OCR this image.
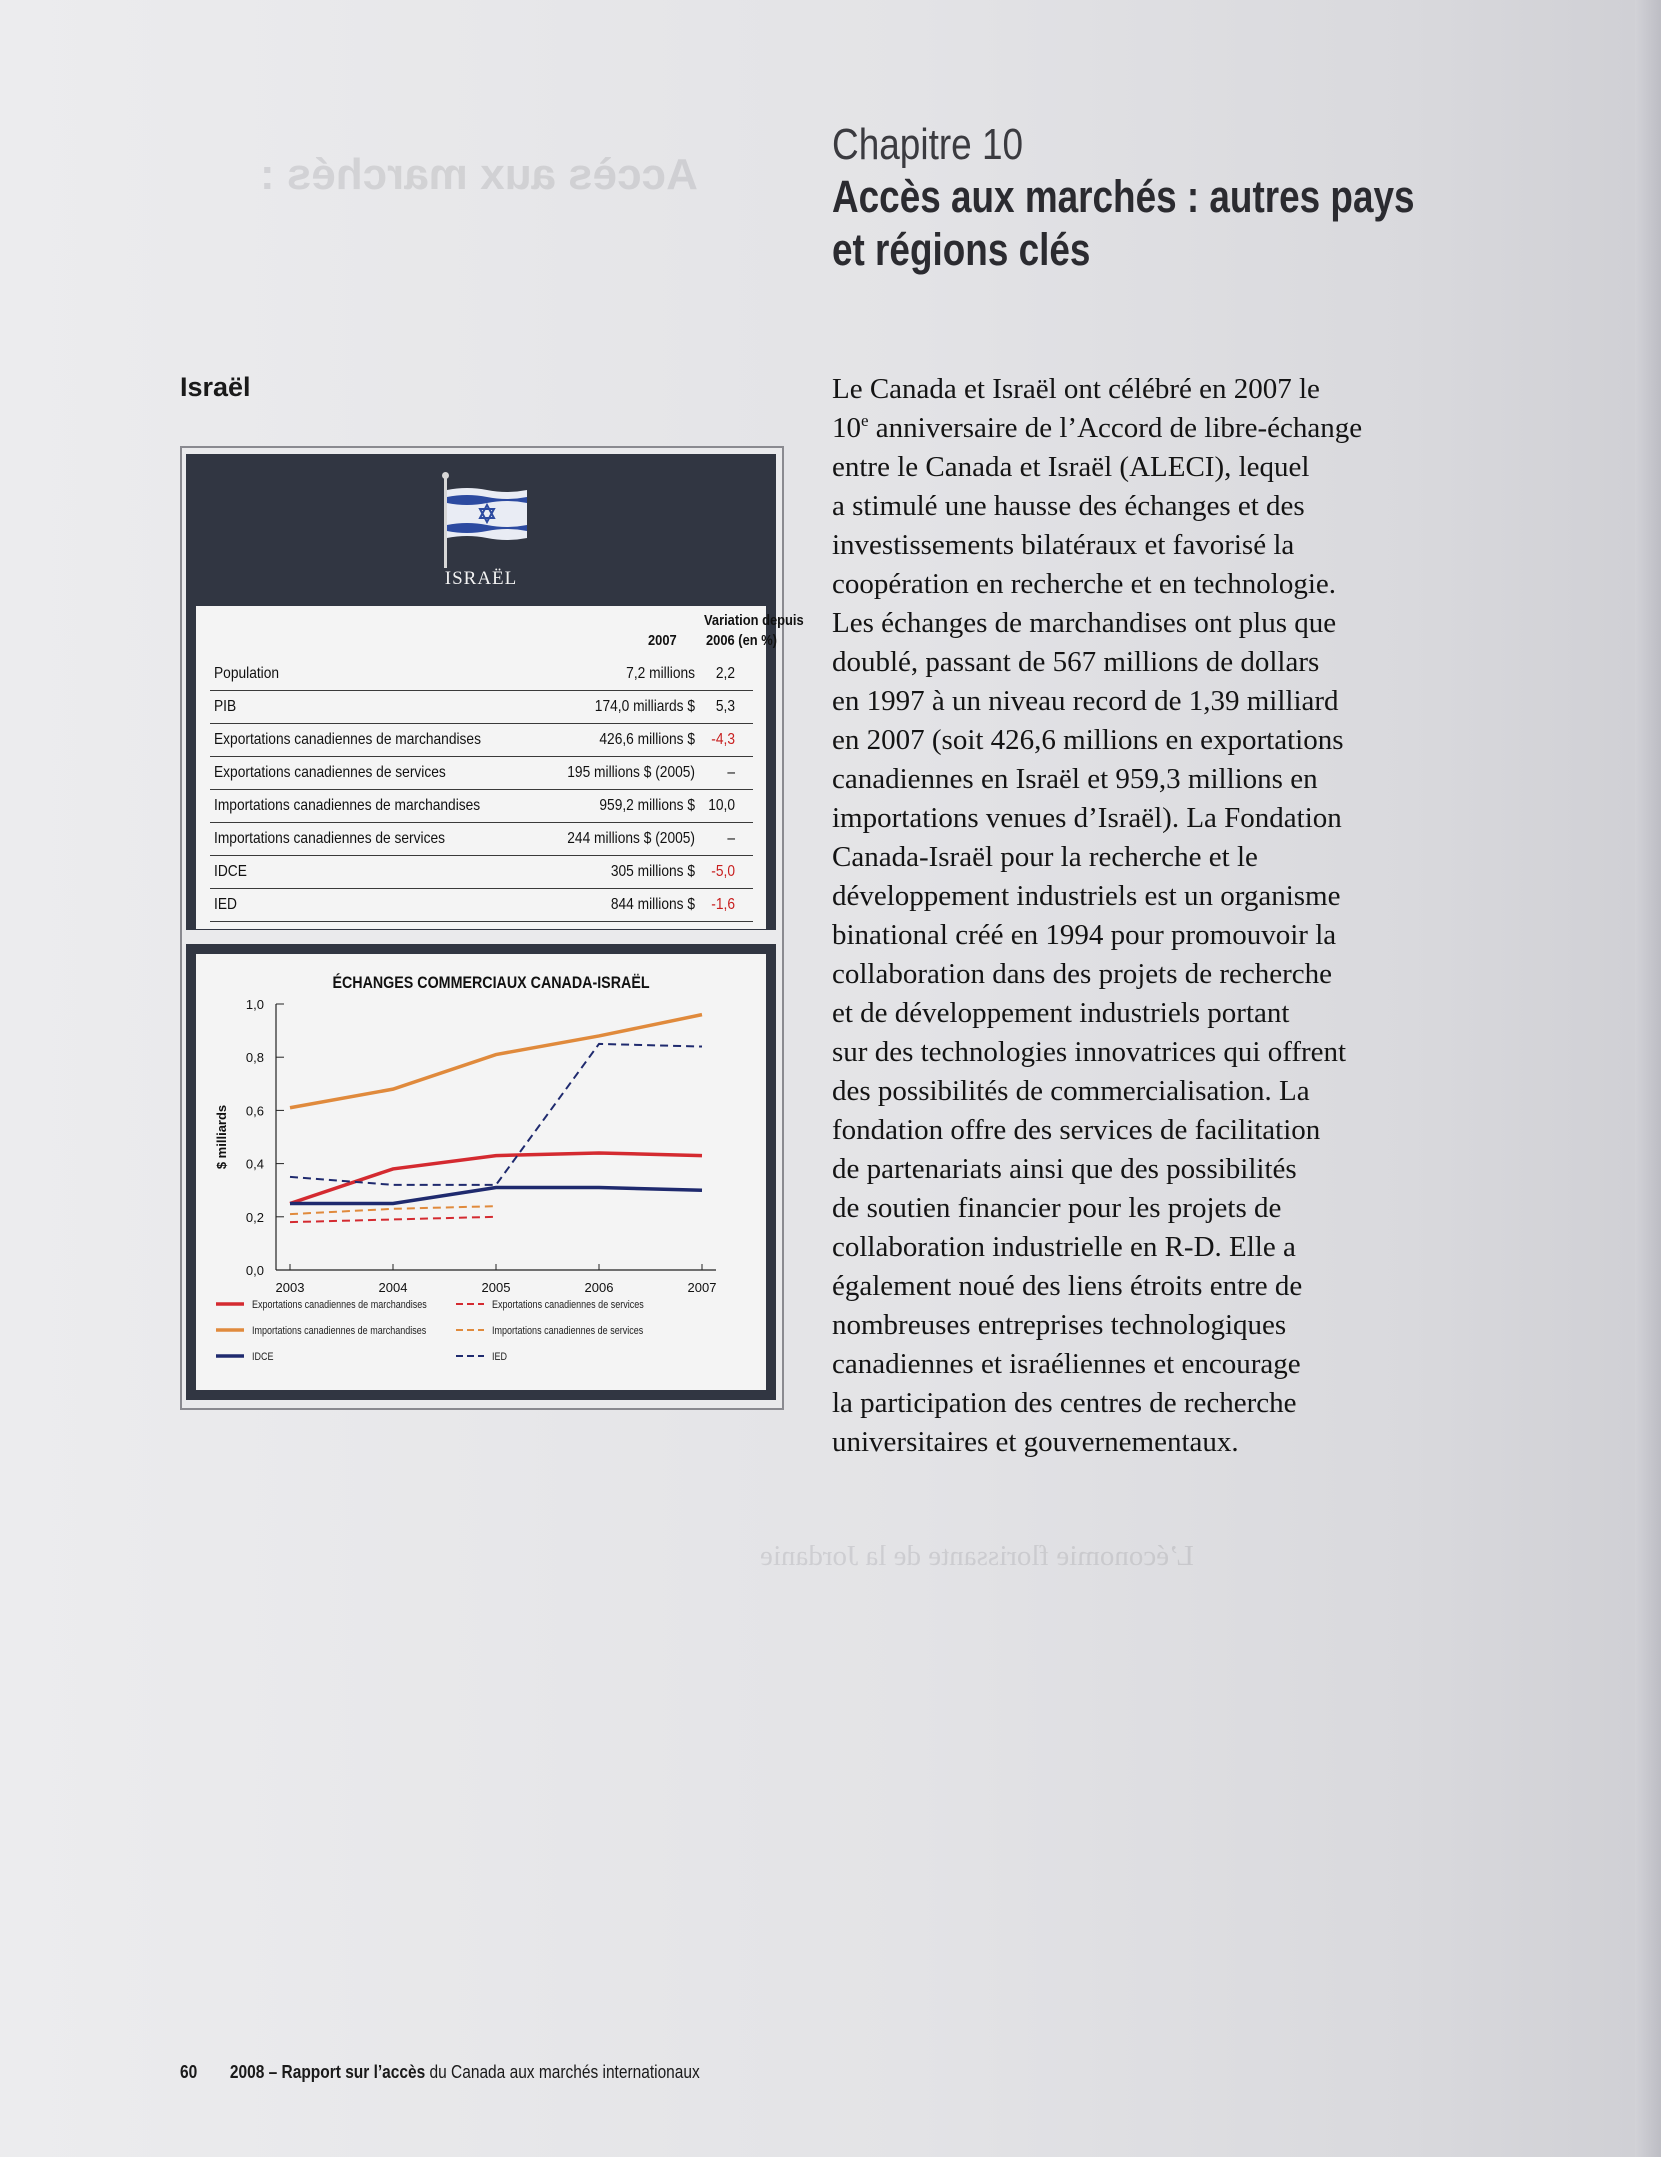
Accès aux marchés :
L’économie florissante de la Jordanie
Chapitre 10
Accès aux marchés : autres pays
et régions clés
Israël	Le Canada et Israël ont célébré en 2007 le
10e anniversaire de l’Accord de libre-échange
entre le Canada et Israël (ALECI), lequel
a stimulé une hausse des échanges et des
investissements bilatéraux et favorisé la
coopération en recherche et en technologie.
Les échanges de marchandises ont plus que
doublé, passant de 567 millions de dollars
en 1997 à un niveau record de 1,39 milliard
en 2007 (soit 426,6 millions en exportations
canadiennes en Israël et 959,3 millions en
importations venues d’Israël). La Fondation
Canada-Israël pour la recherche et le
développement industriels est un organisme
binational créé en 1994 pour promouvoir la
collaboration dans des projets de recherche
et de développement industriels portant
sur des technologies innovatrices qui offrent
des possibilités de commercialisation. La
fondation offre des services de facilitation
de partenariats ainsi que des possibilités
de soutien financier pour les projets de
collaboration industrielle en R-D. Elle a
également noué des liens étroits entre de
nombreuses entreprises technologiques
canadiennes et israéliennes et encourage
la participation des centres de recherche
universitaires et gouvernementaux.
ISRAËL
Variation depuis
2007 2006 (en %)
Population	7,2 millions	2,2
PIB	174,0 milliards $	5,3
Exportations canadiennes de marchandises	426,6 millions $	-4,3
Exportations canadiennes de services	195 millions $ (2005)	–
Importations canadiennes de marchandises	959,2 millions $ 10,0
Importations canadiennes de services	244 millions $ (2005)	–
IDCE	305 millions $	-5,0
IED	844 millions $	-1,6
ÉCHANGES COMMERCIAUX CANADA-ISRAËL
$ milliards
0,0
0,2
0,4
0,6
0,8
1,0
2003	2004	2005	2006	2007
Exportations canadiennes de marchandises
Importations canadiennes de marchandises
IDCE
Exportations canadiennes de services
Importations canadiennes de services
IED

60 2008 – Rapport sur l’accès du Canada aux marchés internationaux
